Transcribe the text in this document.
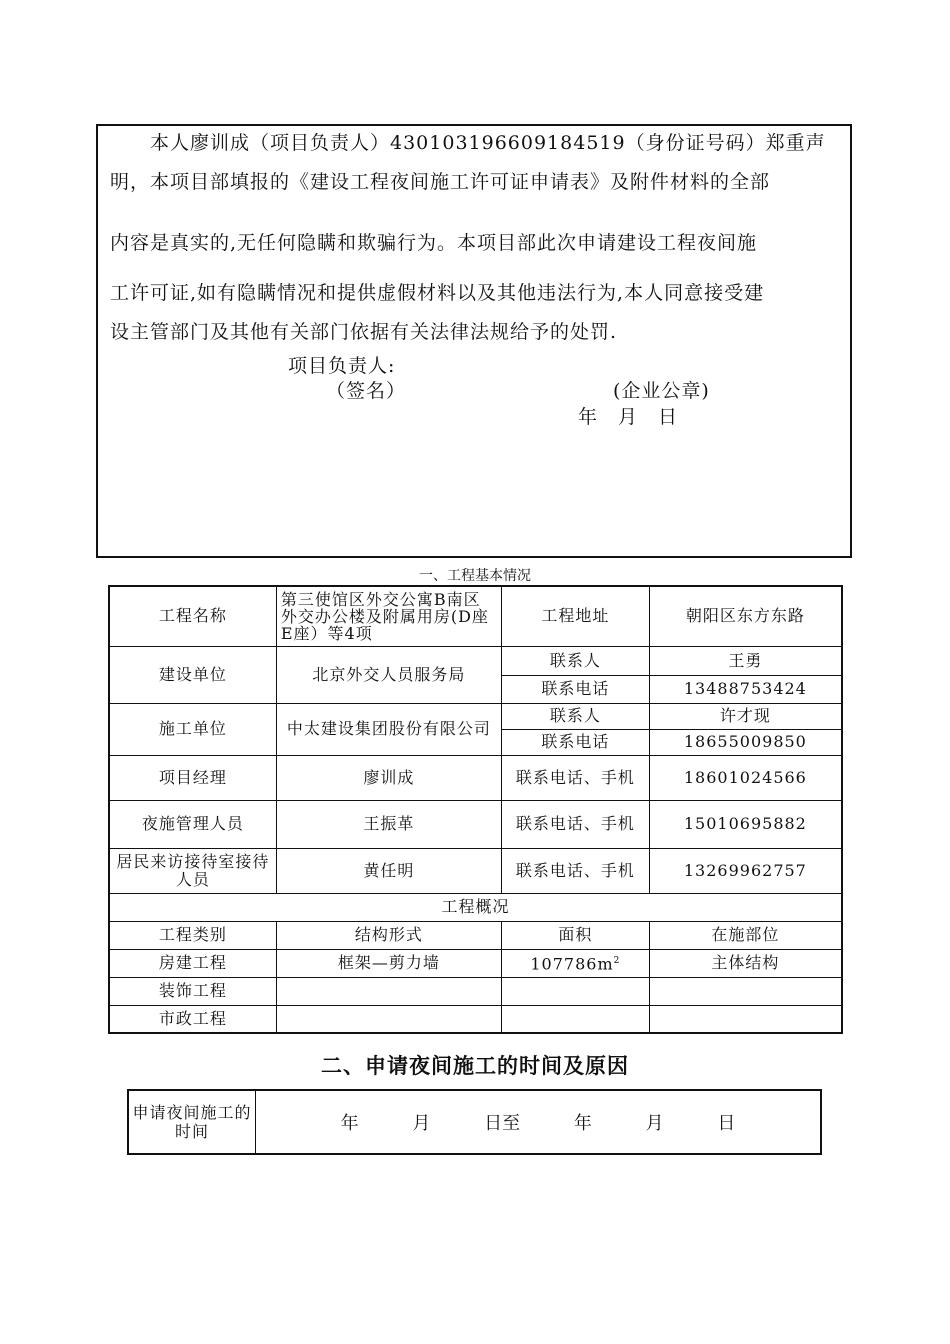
　　本人廖训成（项目负责人）430103196609184519（身份证号码）郑重声
明，本项目部填报的《建设工程夜间施工许可证申请表》及附件材料的全部
内容是真实的,无任何隐瞒和欺骗行为。本项目部此次申请建设工程夜间施
工许可证,如有隐瞒情况和提供虚假材料以及其他违法行为,本人同意接受建
设主管部门及其他有关部门依据有关法律法规给予的处罚.
项目负责人:
（签名）	(企业公章)
年　月　日
一、工程基本情况
工程名称	第三使馆区外交公寓B南区外交办公楼及附属用房(D座E座）等4项	工程地址	朝阳区东方东路
建设单位	北京外交人员服务局	联系人	王勇
		联系电话	13488753424
施工单位	中太建设集团股份有限公司	联系人	许才现
		联系电话	18655009850
项目经理	廖训成	联系电话、手机	18601024566
夜施管理人员	王振革	联系电话、手机	15010695882
居民来访接待室接待人员	黄任明	联系电话、手机	13269962757
工程概况			
工程类别	结构形式	面积	在施部位
房建工程	框架—剪力墙	$107786m^2$	主体结构
装饰工程			
市政工程			
二、申请夜间施工的时间及原因
申请夜间施工的时间	年	月	日至	年	月	日
